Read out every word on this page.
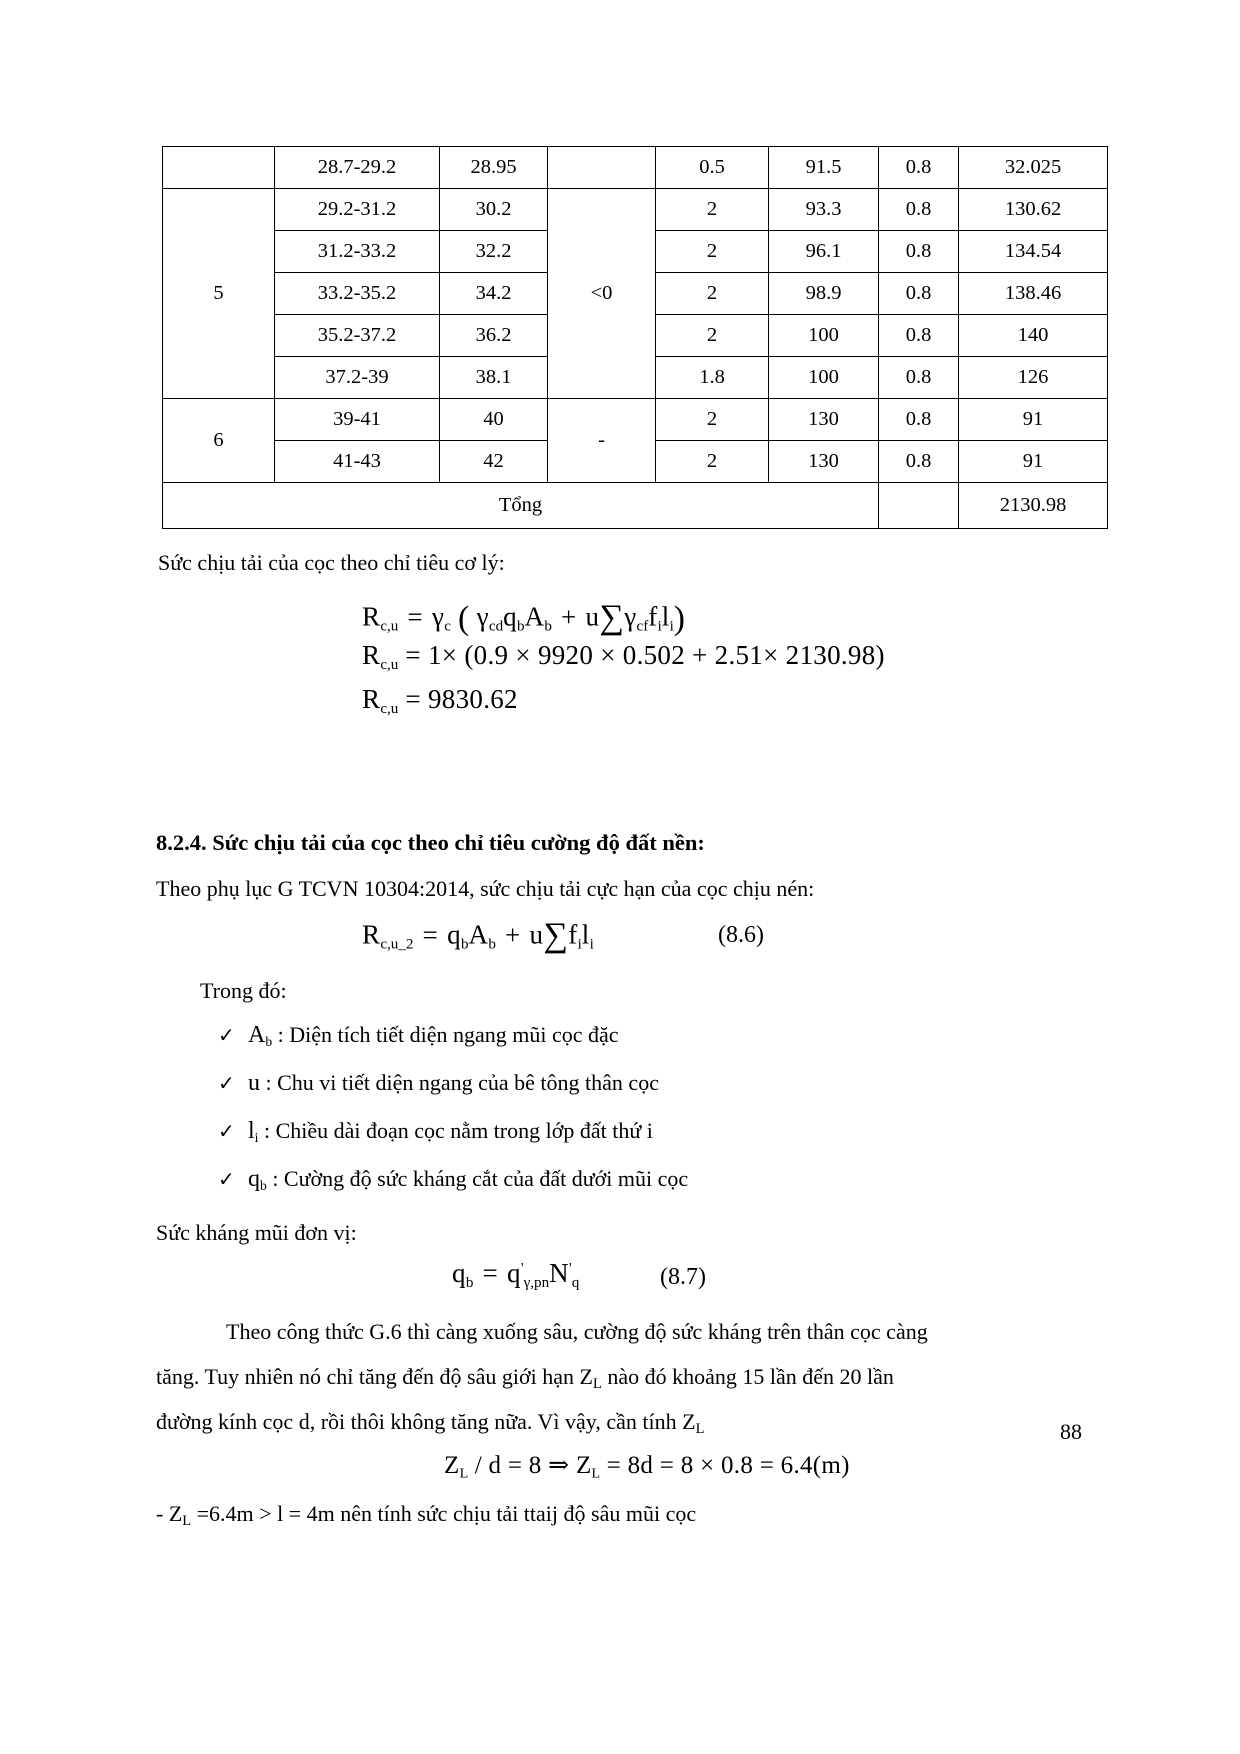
	28.7-29.2	28.95		0.5	91.5	0.8	32.025
5	29.2-31.2	30.2	<0	2	93.3	0.8	130.62
	31.2-33.2	32.2		2	96.1	0.8	134.54
	33.2-35.2	34.2		2	98.9	0.8	138.46
	35.2-37.2	36.2		2	100	0.8	140
	37.2-39	38.1		1.8	100	0.8	126
6	39-41	40	-	2	130	0.8	91
	41-43	42		2	130	0.8	91
Tổng							2130.98
Sức chịu tải của cọc theo chỉ tiêu cơ lý:
$R_{c,u} = \gamma_c$ ( $\gamma_{cd}q_bA_b + u\sum\gamma_{cf}f_il_i$)
$R_{c,u} = 1\times (0.9 \times 9920 \times 0.502 + 2.51\times 2130.98)$
$R_{c,u} = 9830.62$
8.2.4. Sức chịu tải của cọc theo chỉ tiêu cường độ đất nền:
Theo phụ lục G TCVN 10304:2014, sức chịu tải cực hạn của cọc chịu nén:
$R_{c,u\_2} = q_bA_b + u\sum f_il_i$	(8.6)
Trong đó:
✓ Ab : Diện tích tiết diện ngang mũi cọc đặc
✓ u : Chu vi tiết diện ngang của bê tông thân cọc
✓ li : Chiều dài đoạn cọc nằm trong lớp đất thứ i
✓ qb : Cường độ sức kháng cắt của đất dưới mũi cọc
Sức kháng mũi đơn vị:
$q_b = q'_{\gamma,pn}N'_q$	(8.7)
Theo công thức G.6 thì càng xuống sâu, cường độ sức kháng trên thân cọc càng
tăng. Tuy nhiên nó chỉ tăng đến độ sâu giới hạn ZL nào đó khoảng 15 lần đến 20 lần
đường kính cọc d, rồi thôi không tăng nữa. Vì vậy, cần tính ZL
$Z_L / d = 8$ ⇒ $Z_L = 8d = 8 \times 0.8 = 6.4(m)$
- ZL =6.4m > l = 4m nên tính sức chịu tải ttaij độ sâu mũi cọc
88
